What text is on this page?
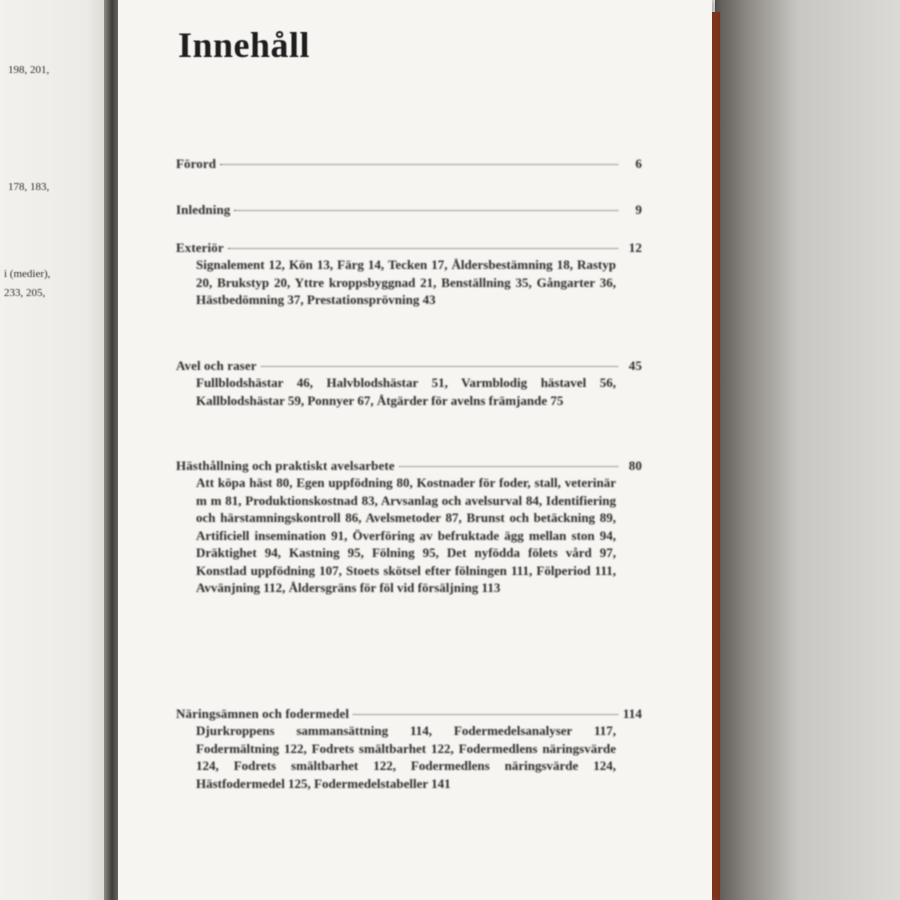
198, 201,
178, 183,
i (medier),
233, 205,
Innehåll
Förord	6
Inledning	9
Exteriör	12
Signalement 12, Kön 13, Färg 14, Tecken 17, Åldersbestämning 18, Rastyp 20, Brukstyp 20, Yttre kroppsbyggnad 21, Benställning 35, Gångarter 36, Hästbedömning 37, Prestationsprövning 43
Avel och raser	45
Fullblodshästar 46, Halvblodshästar 51, Varmblodig hästavel 56, Kallblodshästar 59, Ponnyer 67, Åtgärder för avelns främjande 75
Hästhållning och praktiskt avelsarbete	80
Att köpa häst 80, Egen uppfödning 80, Kostnader för foder, stall, veterinär m m 81, Produktionskostnad 83, Arvsanlag och avelsurval 84, Identifiering och härstamningskontroll 86, Avelsmetoder 87, Brunst och betäckning 89, Artificiell insemination 91, Överföring av befruktade ägg mellan ston 94, Dräktighet 94, Kastning 95, Fölning 95, Det nyfödda fölets vård 97, Konstlad uppfödning 107, Stoets skötsel efter fölningen 111, Fölperiod 111, Avvänjning 112, Åldersgräns för föl vid försäljning 113
Näringsämnen och fodermedel	114
Djurkroppens sammansättning 114, Fodermedelsanalyser 117, Fodermältning 122, Fodrets smältbarhet 122, Fodermedlens näringsvärde 124, Fodrets smältbarhet 122, Fodermedlens näringsvärde 124, Hästfodermedel 125, Fodermedelstabeller 141
